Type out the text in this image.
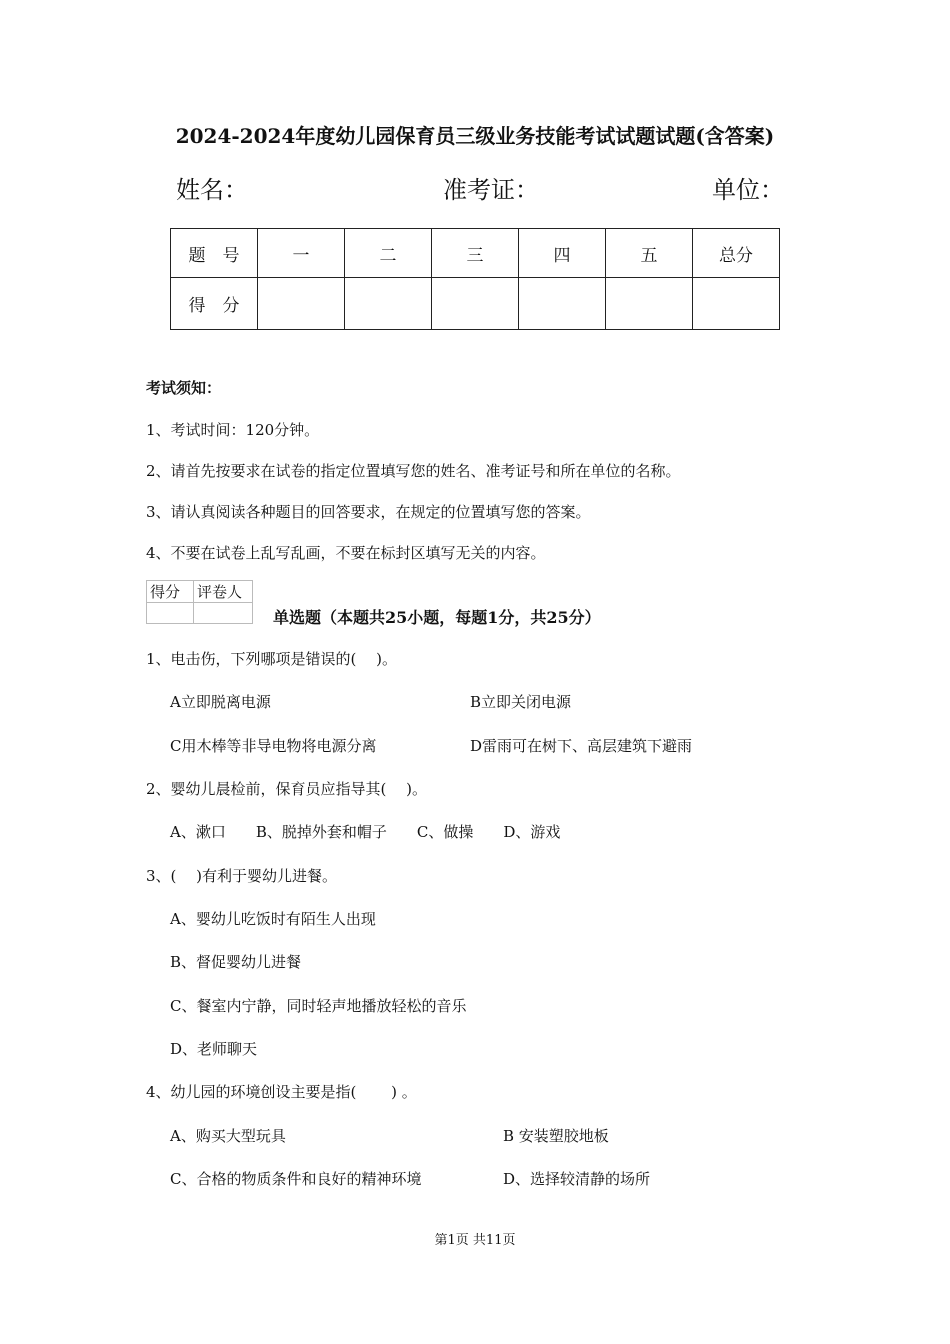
2024-2024年度幼儿园保育员三级业务技能考试试题试题(含答案)
姓名：	准考证：	单位：
题　号	一	二	三	四	五	总分
得　分						
考试须知：
1、考试时间：120分钟。
2、请首先按要求在试卷的指定位置填写您的姓名、准考证号和所在单位的名称。
3、请认真阅读各种题目的回答要求，在规定的位置填写您的答案。
4、不要在试卷上乱写乱画，不要在标封区填写无关的内容。
得分	评卷人

单选题（本题共25小题，每题1分，共25分）
1、电击伤，下列哪项是错误的(　 )。
A立即脱离电源	B立即关闭电源
C用木棒等非导电物将电源分离	D雷雨可在树下、高层建筑下避雨
2、婴幼儿晨检前，保育员应指导其(　 )。
A、漱口　　B、脱掉外套和帽子　　C、做操　　D、游戏
3、(　 )有利于婴幼儿进餐。
A、婴幼儿吃饭时有陌生人出现
B、督促婴幼儿进餐
C、餐室内宁静，同时轻声地播放轻松的音乐
D、老师聊天
4、幼儿园的环境创设主要是指(　　 ) 。
A、购买大型玩具	B 安装塑胶地板
C、合格的物质条件和良好的精神环境	D、选择较清静的场所
第1页 共11页
